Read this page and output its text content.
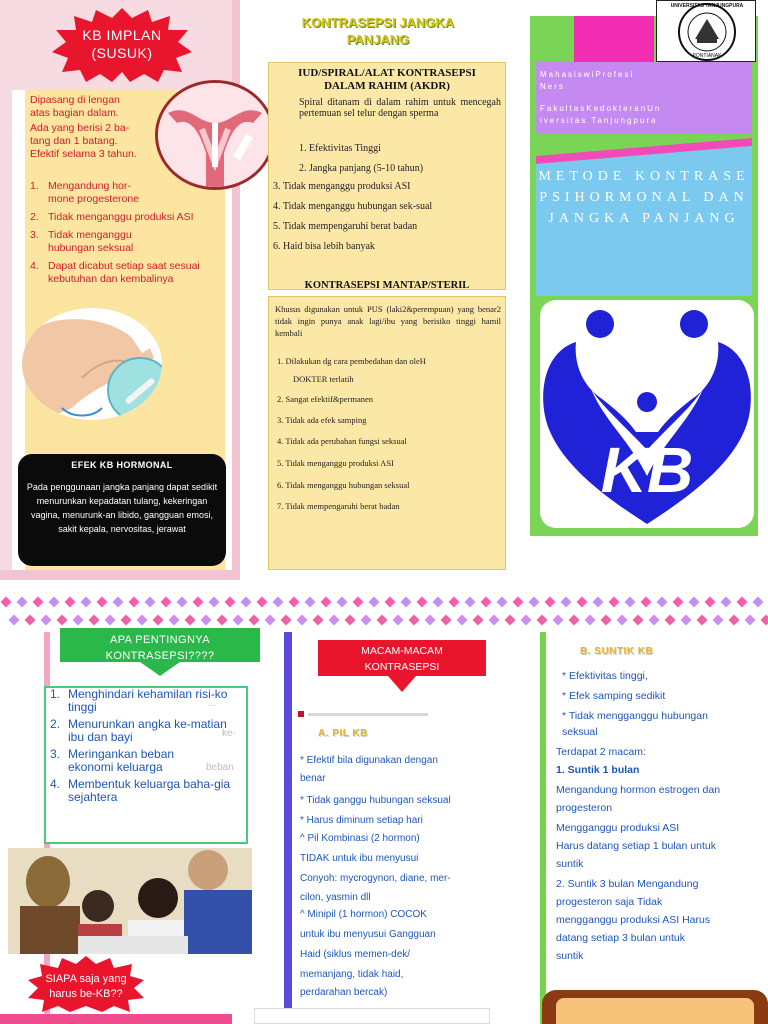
KB IMPLAN
(SUSUK)

Dipasang di lengan atas bagian dalam.

Ada yang berisi 2 ba-tang dan 1 batang. Efektif selama 3 tahun.

1. Mengandung hor-mone progesterone
2. Tidak menganggu produksi ASI
3. Tidak menganggu hubungan seksual
4. Dapat dicabut setiap saat sesuai kebutuhan dan kembalinya
EFEK KB HORMONAL
Pada penggunaan jangka panjang dapat sedikit menurunkan kepadatan tulang, kekeringan vagina, menurunk-an libido, gangguan emosi, sakit kepala, nervositas, jerawat
KONTRASEPSI JANGKA
PANJANG
IUD/SPIRAL/ALAT KONTRASEPSI DALAM RAHIM (AKDR)
Spiral ditanam di dalam rahim untuk mencegah pertemuan sel telur dengan sperma
1. Efektivitas Tinggi
2. Jangka panjang (5-10 tahun)
3. Tidak menganggu produksi ASI
4. Tidak menganggu hubungan sek-sual
5. Tidak mempengaruhi berat badan
6. Haid bisa lebih banyak
KONTRASEPSI MANTAP/STERIL
Khusus digunakan untuk PUS (laki2&perempuan) yang benar2 tidak ingin punya anak lagi/ibu yang berisiko tinggi hamil kembali
1. Dilakukan dg cara pembedahan dan oleH
DOKTER terlatih
2. Sangat efektif&permanen
3. Tidak ada efek samping
4. Tidak ada perubahan fungsi seksual
5. Tidak menganggu produksi ASI
6. Tidak menganggu hubungan seksual
7. Tidak mempengaruhi berat badan
UNIVERSITAS TANJUNGPURA
PONTIANAK
MahasiswiProfesi
Ners
FakultasKedokteranUn
iversitas Tanjungpura
METODE KONTRASEPSIHORMONAL DANJANGKA PANJANG
KB
APA PENTINGNYA
KONTRASEPSI????
...
ke-
beban
1. Menghindari kehamilan risi-ko tinggi
2. Menurunkan angka ke-matian ibu dan bayi
3. Meringankan beban ekonomi keluarga
4. Membentuk keluarga baha-gia sejahtera
SIAPA saja yang
harus be-KB??
MACAM-MACAM
KONTRASEPSI
A. PIL KB
* Efektif bila digunakan dengan
benar
* Tidak ganggu hubungan seksual
* Harus diminum setiap hari
^ Pil Kombinasi (2 hormon)
TIDAK untuk ibu menyusui
Conyoh: mycrogynon, diane, mer-
cilon, yasmin dll
^ Minipil (1 hormon) COCOK
untuk ibu menyusui Gangguan
Haid (siklus memen-dek/
memanjang, tidak haid,
perdarahan bercak)
B. SUNTIK KB
* Efektivitas tinggi,
* Efek samping sedikit
* Tidak mengganggu hubungan
seksual
Terdapat 2 macam:
1. Suntik 1 bulan
Mengandung hormon estrogen dan
progesteron
Mengganggu produksi ASI
Harus datang setiap 1 bulan untuk
suntik
2. Suntik 3 bulan Mengandung
progesteron saja Tidak
mengganggu produksi ASI Harus
datang setiap 3 bulan untuk
suntik
